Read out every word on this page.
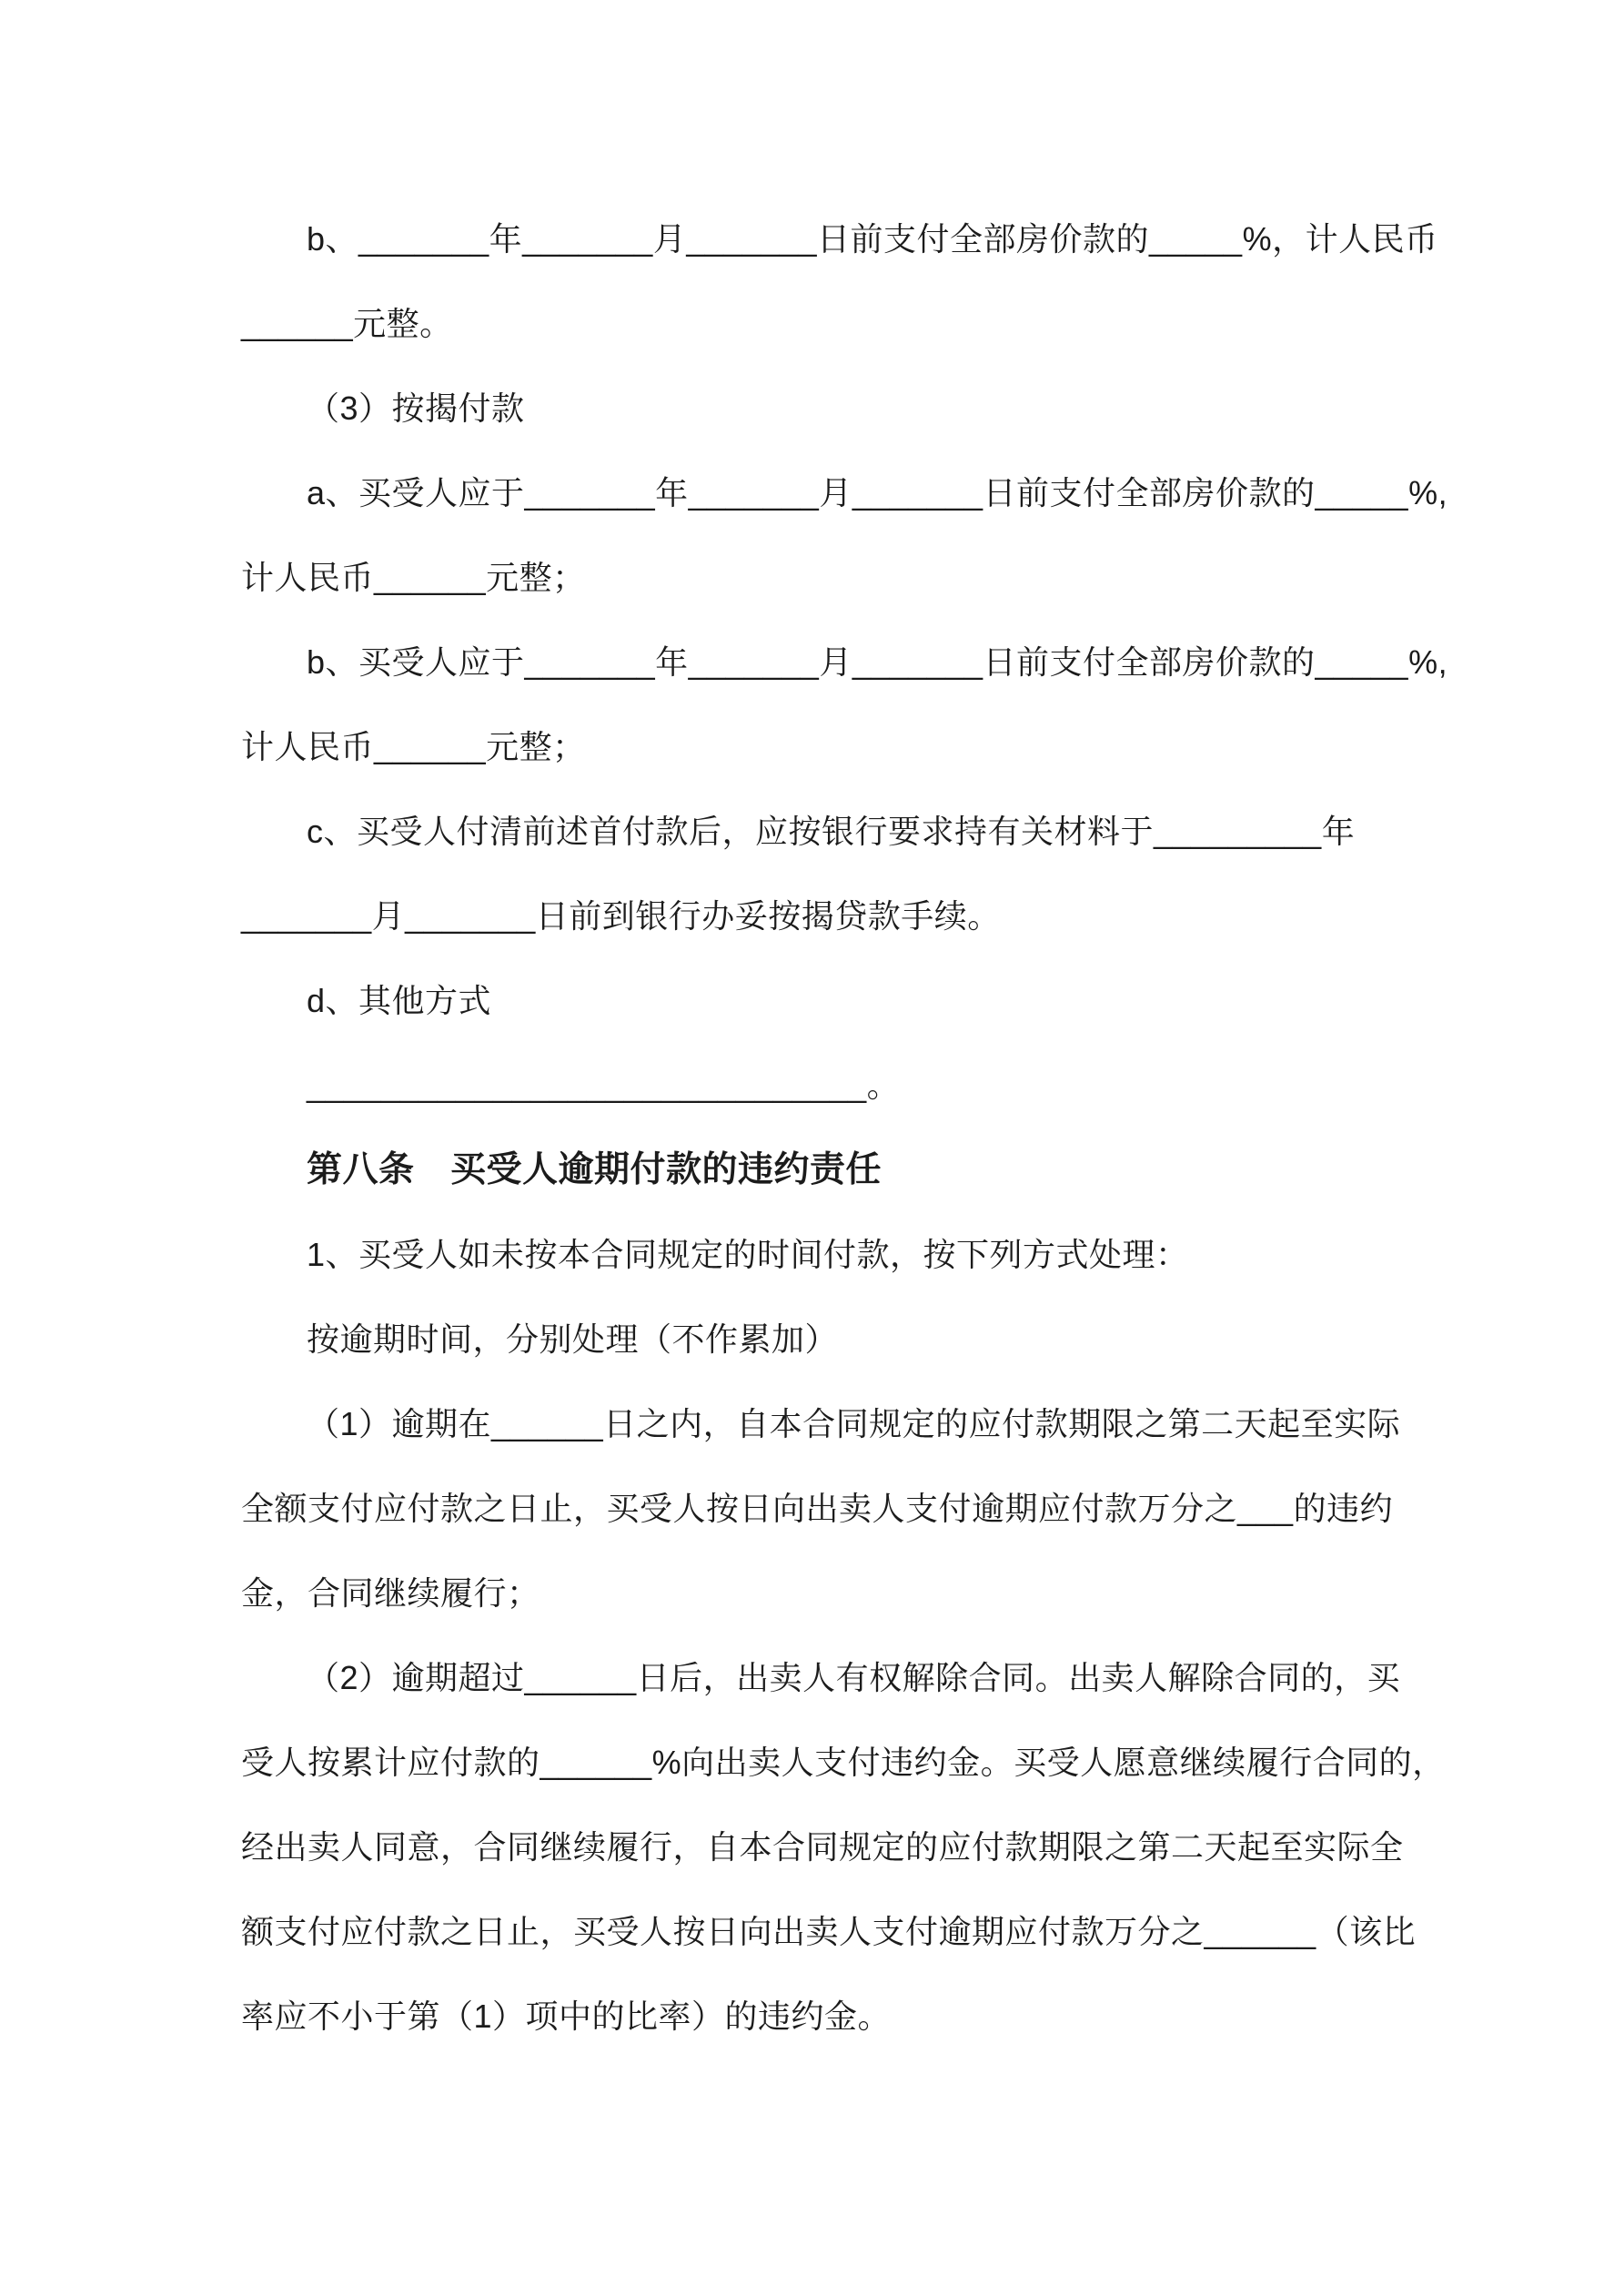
b、_______年_______月_______日前支付全部房价款的_____%，计人民币

______元整。

（3）按揭付款

a、买受人应于_______年_______月_______日前支付全部房价款的_____%,

计人民币______元整；

b、买受人应于_______年_______月_______日前支付全部房价款的_____%,

计人民币______元整；

c、买受人付清前述首付款后，应按银行要求持有关材料于_________年

_______月_______日前到银行办妥按揭贷款手续。

d、其他方式

______________________________。

第八条　买受人逾期付款的违约责任

1、买受人如未按本合同规定的时间付款，按下列方式处理：

按逾期时间，分别处理（不作累加）

（1）逾期在______日之内，自本合同规定的应付款期限之第二天起至实际

全额支付应付款之日止，买受人按日向出卖人支付逾期应付款万分之___的违约

金，合同继续履行；

（2）逾期超过______日后，出卖人有权解除合同。出卖人解除合同的，买

受人按累计应付款的______%向出卖人支付违约金。买受人愿意继续履行合同的，

经出卖人同意，合同继续履行，自本合同规定的应付款期限之第二天起至实际全

额支付应付款之日止，买受人按日向出卖人支付逾期应付款万分之______（该比

率应不小于第（1）项中的比率）的违约金。
